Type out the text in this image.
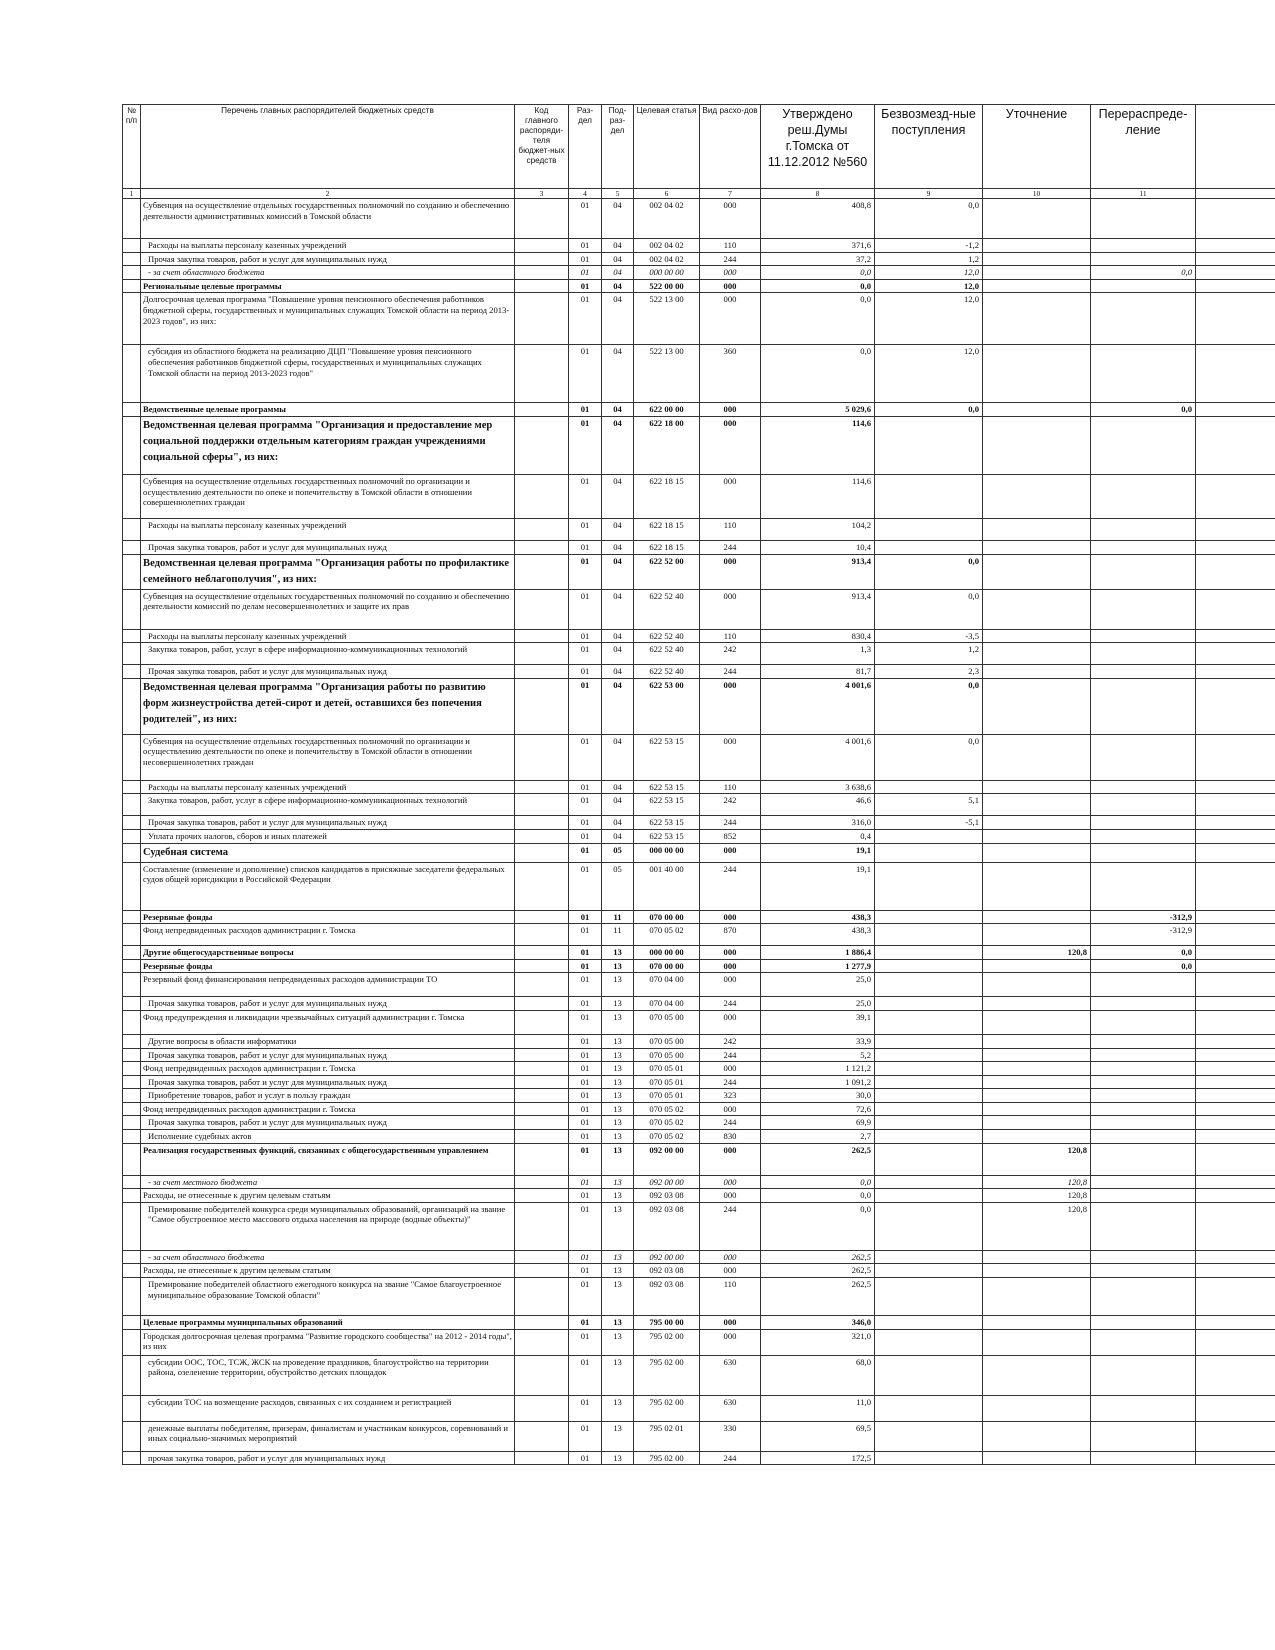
№ п/п	Перечень главных распорядителей бюджетных средств	Код главного распоряди-теля бюджет-ных средств	Раз-дел	Под-раз-дел	Целевая статья	Вид расхо-дов	Утверждено реш.Думы г.Томска от 11.12.2012 №560	Безвозмезд-ные поступления	Уточнение	Перераспреде-ление	
1	2	3	4	5	6	7	8	9	10	11	
	Субвенция на осуществление отдельных государственных полномочий по созданию и обеспечению деятельности административных комиссий в Томской области		01	04	002 04 02	000	408,8	0,0			
	Расходы на выплаты персоналу казенных учреждений		01	04	002 04 02	110	371,6	-1,2			
	Прочая закупка товаров, работ и услуг для муниципальных нужд		01	04	002 04 02	244	37,2	1,2			
	- за счет областного бюджета		01	04	000 00 00	000	0,0	12,0		0,0	
	Региональные целевые программы		01	04	522 00 00	000	0,0	12,0			
	Долгосрочная целевая программа "Повышение уровня пенсионного обеспечения работников бюджетной сферы, государственных и муниципальных служащих Томской области на период 2013-2023 годов", из них:		01	04	522 13 00	000	0,0	12,0			
	субсидия из областного бюджета на реализацию ДЦП "Повышение уровня пенсионного обеспечения работников бюджетной сферы, государственных и муниципальных служащих Томской области на период 2013-2023 годов"		01	04	522 13 00	360	0,0	12,0			
	Ведомственные целевые программы		01	04	622 00 00	000	5 029,6	0,0		0,0	
	Ведомственная целевая программа "Организация и предоставление мер социальной поддержки отдельным категориям граждан учреждениями социальной сферы", из них:		01	04	622 18 00	000	114,6				
	Субвенция на осуществление отдельных государственных полномочий по организации и осуществлению деятельности по опеке и попечительству в Томской области в отношении совершеннолетних граждан		01	04	622 18 15	000	114,6				
	Расходы на выплаты персоналу казенных учреждений		01	04	622 18 15	110	104,2				
	Прочая закупка товаров, работ и услуг для муниципальных нужд		01	04	622 18 15	244	10,4				
	Ведомственная целевая программа "Организация работы по профилактике семейного неблагополучия", из них:		01	04	622 52 00	000	913,4	0,0			
	Субвенция на осуществление отдельных государственных полномочий по созданию и обеспечению деятельности комиссий по делам несовершеннолетних и защите их прав		01	04	622 52 40	000	913,4	0,0			
	Расходы на выплаты персоналу казенных учреждений		01	04	622 52 40	110	830,4	-3,5			
	Закупка товаров, работ, услуг в сфере информационно-коммуникационных технологий		01	04	622 52 40	242	1,3	1,2			
	Прочая закупка товаров, работ и услуг для муниципальных нужд		01	04	622 52 40	244	81,7	2,3			
	Ведомственная целевая программа "Организация работы по развитию форм жизнеустройства детей-сирот и детей, оставшихся без попечения родителей", из них:		01	04	622 53 00	000	4 001,6	0,0			
	Субвенция на осуществление отдельных государственных полномочий по организации и осуществлению деятельности по опеке и попечительству в Томской области в отношении несовершеннолетних граждан		01	04	622 53 15	000	4 001,6	0,0			
	Расходы на выплаты персоналу казенных учреждений		01	04	622 53 15	110	3 638,6				
	Закупка товаров, работ, услуг в сфере информационно-коммуникационных технологий		01	04	622 53 15	242	46,6	5,1			
	Прочая закупка товаров, работ и услуг для муниципальных нужд		01	04	622 53 15	244	316,0	-5,1			
	Уплата прочих налогов, сборов и иных платежей		01	04	622 53 15	852	0,4				
	Судебная система		01	05	000 00 00	000	19,1				
	Составление (изменение и дополнение) списков кандидатов в присяжные заседатели федеральных судов общей юрисдикции в Российской Федерации		01	05	001 40 00	244	19,1				
	Резервные фонды		01	11	070 00 00	000	438,3			-312,9	
	Фонд непредвиденных расходов администрации г. Томска		01	11	070 05 02	870	438,3			-312,9	
	Другие общегосударственные вопросы		01	13	000 00 00	000	1 886,4		120,8	0,0	
	Резервные фонды		01	13	070 00 00	000	1 277,9			0,0	
	Резервный фонд финансирования непредвиденных расходов администрации ТО		01	13	070 04 00	000	25,0				
	Прочая закупка товаров, работ и услуг для муниципальных нужд		01	13	070 04 00	244	25,0				
	Фонд предупреждения и ликвидации чрезвычайных ситуаций администрации г. Томска		01	13	070 05 00	000	39,1				
	Другие вопросы в области информатики		01	13	070 05 00	242	33,9				
	Прочая закупка товаров, работ и услуг для муниципальных нужд		01	13	070 05 00	244	5,2				
	Фонд непредвиденных расходов администрации г. Томска		01	13	070 05 01	000	1 121,2				
	Прочая закупка товаров, работ и услуг для муниципальных нужд		01	13	070 05 01	244	1 091,2				
	Приобретение товаров, работ и услуг в пользу граждан		01	13	070 05 01	323	30,0				
	Фонд непредвиденных расходов администрации г. Томска		01	13	070 05 02	000	72,6				
	Прочая закупка товаров, работ и услуг для муниципальных нужд		01	13	070 05 02	244	69,9				
	Исполнение судебных актов		01	13	070 05 02	830	2,7				
	Реализация государственных функций, связанных с общегосударственным управлением		01	13	092 00 00	000	262,5		120,8		
	- за счет местного бюджета		01	13	092 00 00	000	0,0		120,8		
	Расходы, не отнесенные к другим целевым статьям		01	13	092 03 08	000	0,0		120,8		
	Премирование победителей конкурса среди муниципальных образований, организаций на звание "Самое обустроенное место массового отдыха населения на природе (водные объекты)"		01	13	092 03 08	244	0,0		120,8		
	- за счет областного бюджета		01	13	092 00 00	000	262,5				
	Расходы, не отнесенные к другим целевым статьям		01	13	092 03 08	000	262,5				
	Премирование победителей областного ежегодного конкурса на звание "Самое благоустроенное муниципальное образование Томской области"		01	13	092 03 08	110	262,5				
	Целевые программы муниципальных образований		01	13	795 00 00	000	346,0				
	Городская долгосрочная целевая программа "Развитие городского сообщества" на 2012 - 2014 годы", из них		01	13	795 02 00	000	321,0				
	субсидии ООС, ТОС, ТСЖ, ЖСК на проведение праздников, благоустройство на территории района, озеленение территории, обустройство детских площадок		01	13	795 02 00	630	68,0				
	субсидии ТОС на возмещение расходов, связанных с их созданием и регистрацией		01	13	795 02 00	630	11,0				
	денежные выплаты победителям, призерам, финалистам и участникам конкурсов, соревнований и иных социально-значимых мероприятий		01	13	795 02 01	330	69,5				
	прочая закупка товаров, работ и услуг для муниципальных нужд		01	13	795 02 00	244	172,5				
